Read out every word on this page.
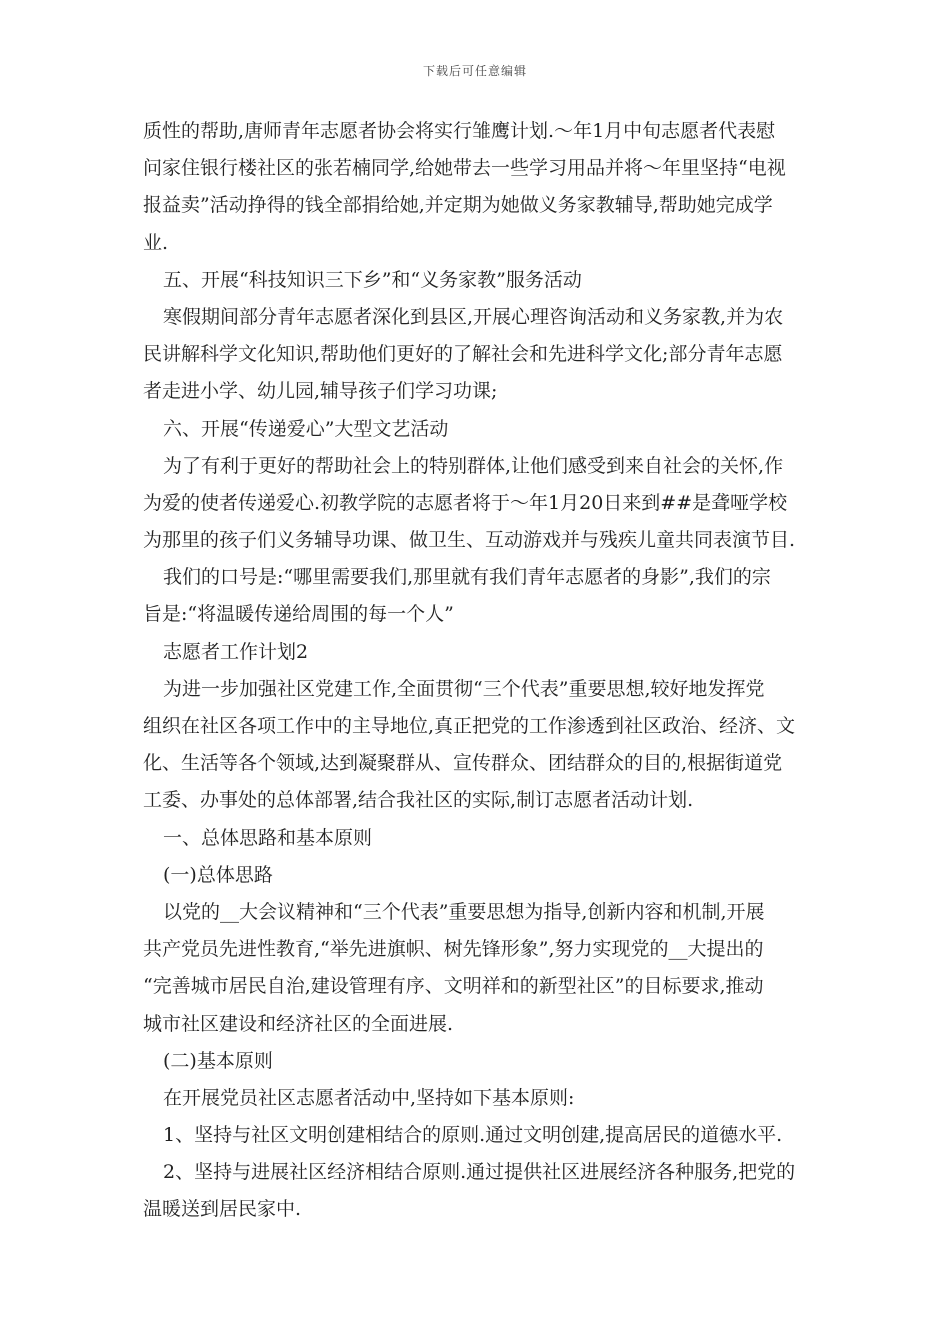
下载后可任意编辑
质性的帮助,唐师青年志愿者协会将实行雏鹰计划.～年1月中旬志愿者代表慰
问家住银行楼社区的张若楠同学,给她带去一些学习用品并将～年里坚持“电视
报益卖”活动挣得的钱全部捐给她,并定期为她做义务家教辅导,帮助她完成学
业.
五、开展“科技知识三下乡”和“义务家教”服务活动
寒假期间部分青年志愿者深化到县区,开展心理咨询活动和义务家教,并为农
民讲解科学文化知识,帮助他们更好的了解社会和先进科学文化;部分青年志愿
者走进小学、幼儿园,辅导孩子们学习功课;
六、开展“传递爱心”大型文艺活动
为了有利于更好的帮助社会上的特别群体,让他们感受到来自社会的关怀,作
为爱的使者传递爱心.初教学院的志愿者将于～年1月20日来到##是聋哑学校
为那里的孩子们义务辅导功课、做卫生、互动游戏并与残疾儿童共同表演节目.
我们的口号是:“哪里需要我们,那里就有我们青年志愿者的身影”,我们的宗
旨是:“将温暖传递给周围的每一个人”
志愿者工作计划2
为进一步加强社区党建工作,全面贯彻“三个代表”重要思想,较好地发挥党
组织在社区各项工作中的主导地位,真正把党的工作渗透到社区政治、经济、文
化、生活等各个领域,达到凝聚群从、宣传群众、团结群众的目的,根据街道党
工委、办事处的总体部署,结合我社区的实际,制订志愿者活动计划.
一、总体思路和基本原则
(一)总体思路
以党的__大会议精神和“三个代表”重要思想为指导,创新内容和机制,开展
共产党员先进性教育,“举先进旗帜、树先锋形象”,努力实现党的__大提出的
“完善城市居民自治,建设管理有序、文明祥和的新型社区”的目标要求,推动
城市社区建设和经济社区的全面进展.
(二)基本原则
在开展党员社区志愿者活动中,坚持如下基本原则:
1、坚持与社区文明创建相结合的原则.通过文明创建,提高居民的道德水平.
2、坚持与进展社区经济相结合原则.通过提供社区进展经济各种服务,把党的
温暖送到居民家中.
